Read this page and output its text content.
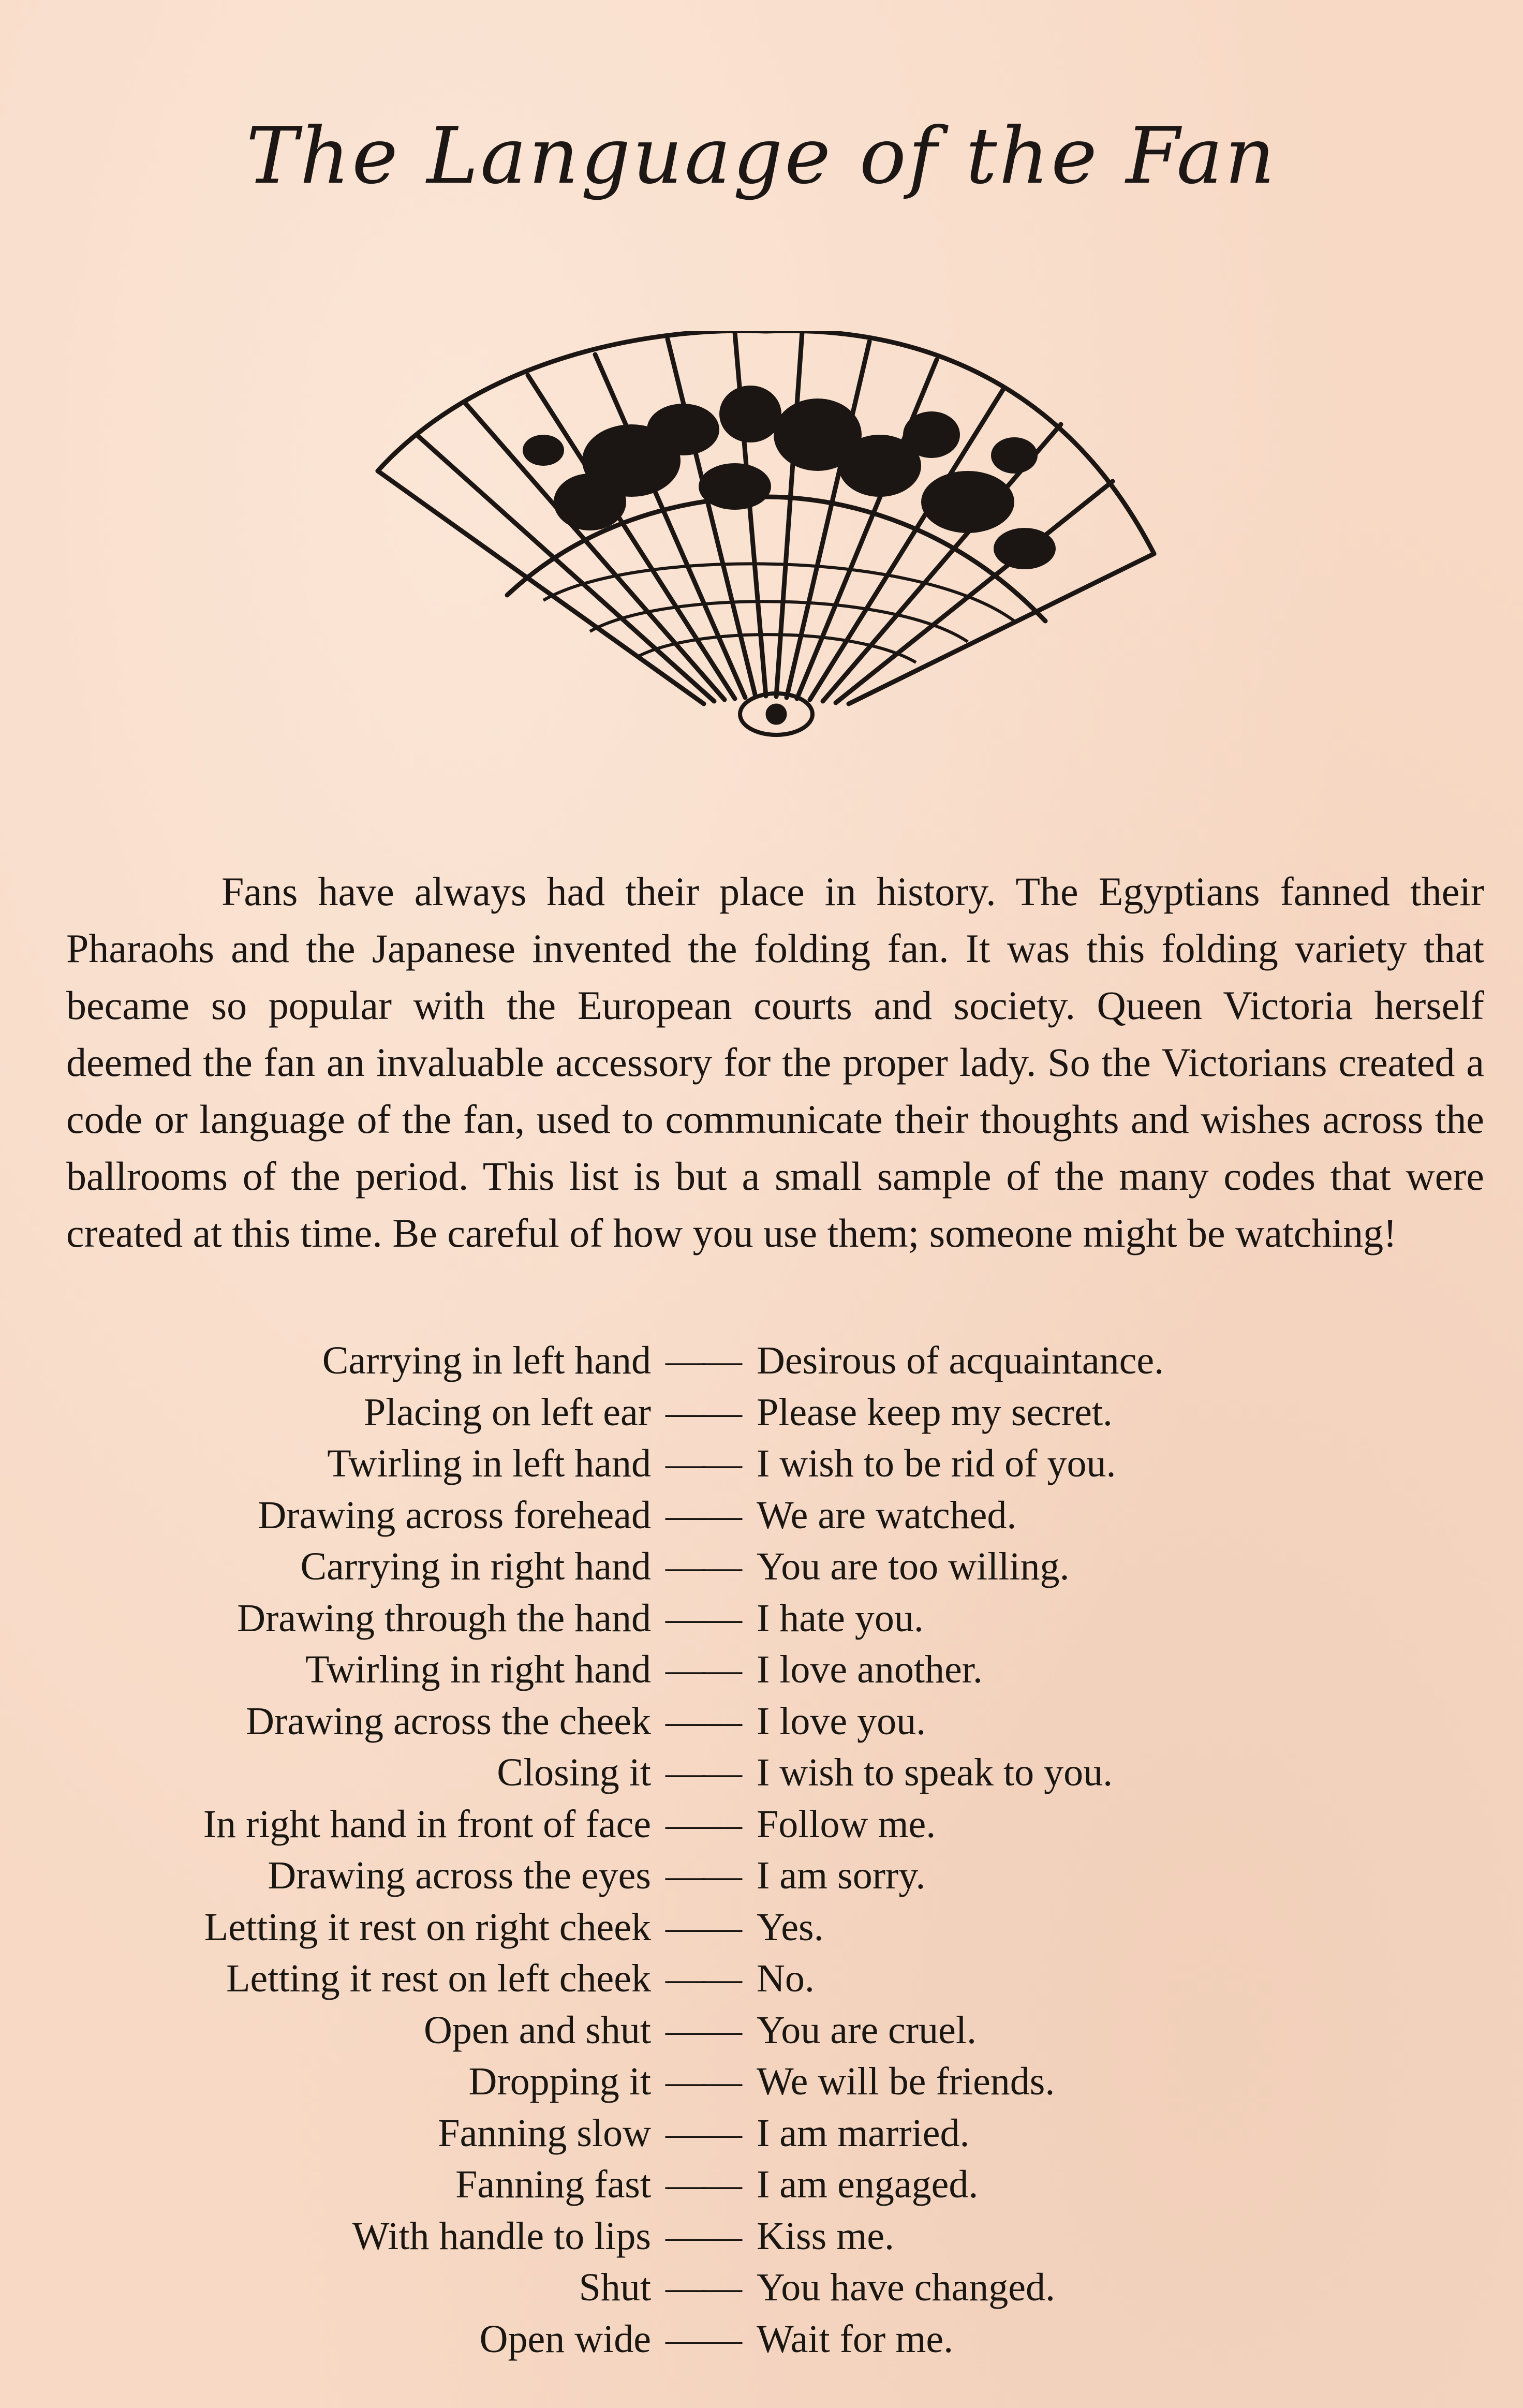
The Language of the Fan

Fans have always had their place in history. The Egyptians fanned their Pharaohs and the Japanese invented the folding fan. It was this folding variety that became so popular with the European courts and society. Queen Victoria herself deemed the fan an invaluable accessory for the proper lady. So the Victorians created a code or language of the fan, used to communicate their thoughts and wishes across the ballrooms of the period. This list is but a small sample of the many codes that were created at this time. Be careful of how you use them; someone might be watching!

Carrying in left hand —— Desirous of acquaintance.
Placing on left ear —— Please keep my secret.
Twirling in left hand —— I wish to be rid of you.
Drawing across forehead —— We are watched.
Carrying in right hand —— You are too willing.
Drawing through the hand —— I hate you.
Twirling in right hand —— I love another.
Drawing across the cheek —— I love you.
Closing it —— I wish to speak to you.
In right hand in front of face —— Follow me.
Drawing across the eyes —— I am sorry.
Letting it rest on right cheek —— Yes.
Letting it rest on left cheek —— No.
Open and shut —— You are cruel.
Dropping it —— We will be friends.
Fanning slow —— I am married.
Fanning fast —— I am engaged.
With handle to lips —— Kiss me.
Shut —— You have changed.
Open wide —— Wait for me.
